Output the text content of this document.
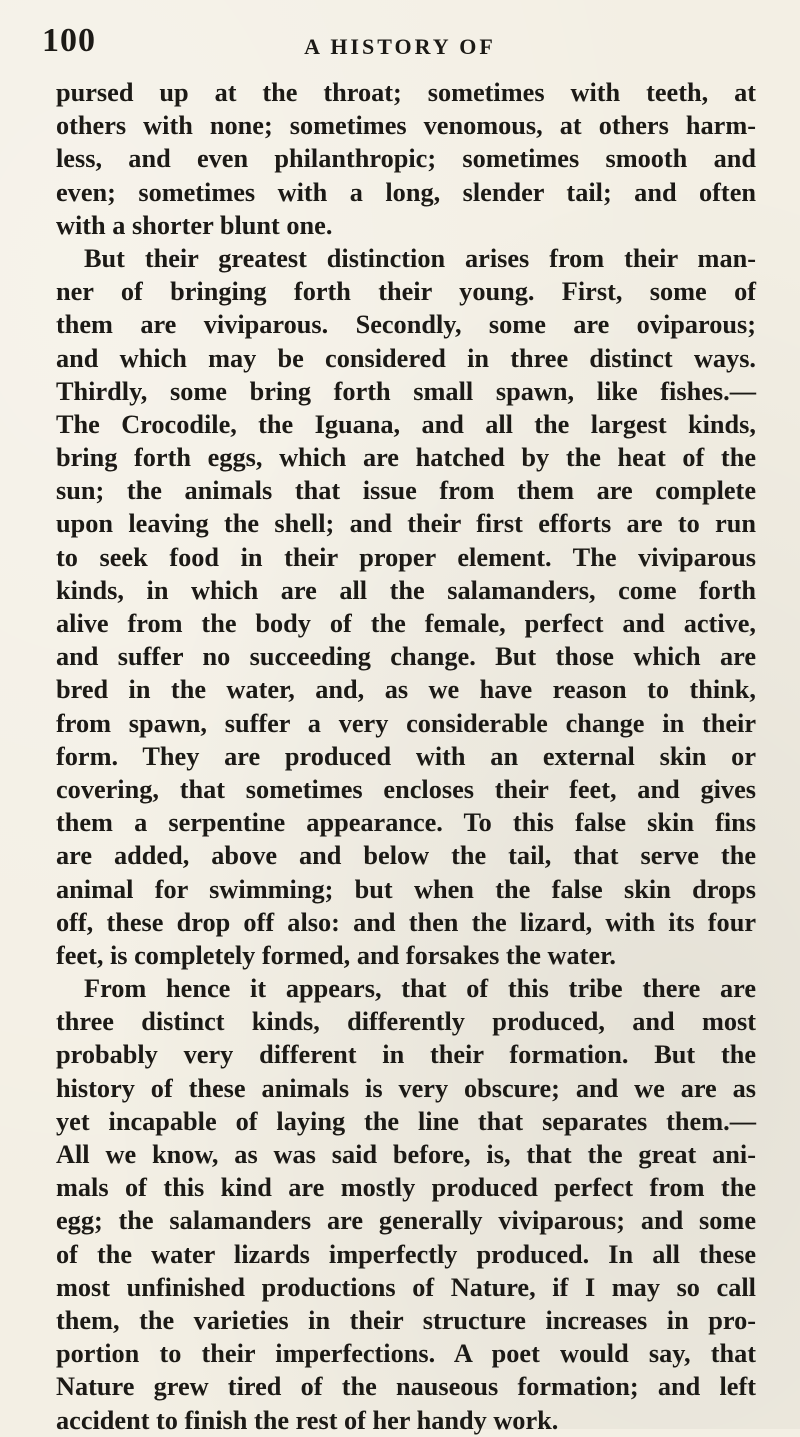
100	A HISTORY OF
pursed up at the throat; sometimes with teeth, at
others with none; sometimes venomous, at others harm-
less, and even philanthropic; sometimes smooth and
even; sometimes with a long, slender tail; and often
with a shorter blunt one.
But their greatest distinction arises from their man-
ner of bringing forth their young. First, some of
them are viviparous. Secondly, some are oviparous;
and which may be considered in three distinct ways.
Thirdly, some bring forth small spawn, like fishes.—
The Crocodile, the Iguana, and all the largest kinds,
bring forth eggs, which are hatched by the heat of the
sun; the animals that issue from them are complete
upon leaving the shell; and their first efforts are to run
to seek food in their proper element. The viviparous
kinds, in which are all the salamanders, come forth
alive from the body of the female, perfect and active,
and suffer no succeeding change. But those which are
bred in the water, and, as we have reason to think,
from spawn, suffer a very considerable change in their
form. They are produced with an external skin or
covering, that sometimes encloses their feet, and gives
them a serpentine appearance. To this false skin fins
are added, above and below the tail, that serve the
animal for swimming; but when the false skin drops
off, these drop off also: and then the lizard, with its four
feet, is completely formed, and forsakes the water.
From hence it appears, that of this tribe there are
three distinct kinds, differently produced, and most
probably very different in their formation. But the
history of these animals is very obscure; and we are as
yet incapable of laying the line that separates them.—
All we know, as was said before, is, that the great ani-
mals of this kind are mostly produced perfect from the
egg; the salamanders are generally viviparous; and some
of the water lizards imperfectly produced. In all these
most unfinished productions of Nature, if I may so call
them, the varieties in their structure increases in pro-
portion to their imperfections. A poet would say, that
Nature grew tired of the nauseous formation; and left
accident to finish the rest of her handy work.
